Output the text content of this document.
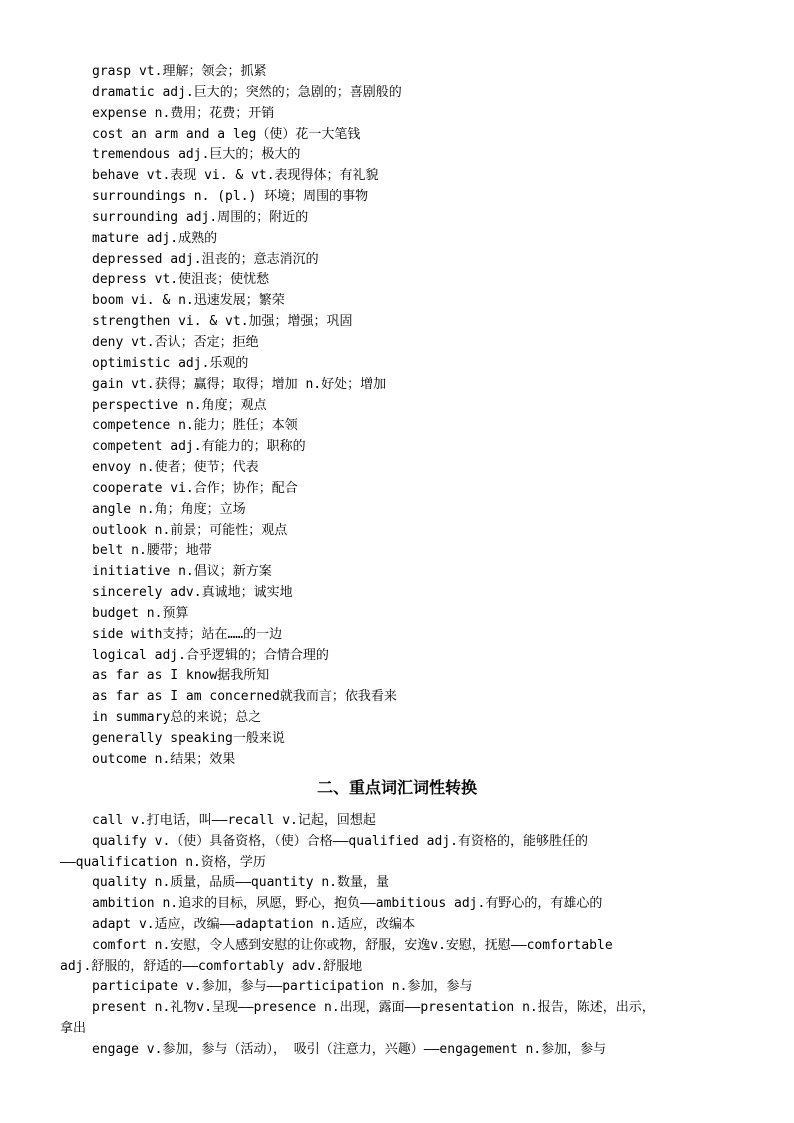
grasp vt.理解；领会；抓紧
dramatic adj.巨大的；突然的；急剧的；喜剧般的
expense n.费用；花费；开销
cost an arm and a leg（使）花一大笔钱
tremendous adj.巨大的；极大的
behave vt.表现 vi. & vt.表现得体；有礼貌
surroundings n. (pl.) 环境；周围的事物
surrounding adj.周围的；附近的
mature adj.成熟的
depressed adj.沮丧的；意志消沉的
depress vt.使沮丧；使忧愁
boom vi. & n.迅速发展；繁荣
strengthen vi. & vt.加强；增强；巩固
deny vt.否认；否定；拒绝
optimistic adj.乐观的
gain vt.获得；赢得；取得；增加 n.好处；增加
perspective n.角度；观点
competence n.能力；胜任；本领
competent adj.有能力的；职称的
envoy n.使者；使节；代表
cooperate vi.合作；协作；配合
angle n.角；角度；立场
outlook n.前景；可能性；观点
belt n.腰带；地带
initiative n.倡议；新方案
sincerely adv.真诚地；诚实地
budget n.预算
side with支持；站在……的一边
logical adj.合乎逻辑的；合情合理的
as far as I know据我所知
as far as I am concerned就我而言；依我看来
in summary总的来说；总之
generally speaking一般来说
outcome n.结果；效果
二、重点词汇词性转换
call v.打电话，叫——recall v.记起，回想起
qualify v.（使）具备资格，（使）合格——qualified adj.有资格的，能够胜任的
——qualification n.资格，学历
quality n.质量，品质——quantity n.数量，量
ambition n.追求的目标，夙愿，野心，抱负——ambitious adj.有野心的，有雄心的
adapt v.适应，改编——adaptation n.适应，改编本
comfort n.安慰，令人感到安慰的让你或物，舒服，安逸v.安慰，抚慰——comfortable
adj.舒服的，舒适的——comfortably adv.舒服地
participate v.参加，参与——participation n.参加，参与
present n.礼物v.呈现——presence n.出现，露面——presentation n.报告，陈述，出示，
拿出
engage v.参加，参与（活动）， 吸引（注意力，兴趣）——engagement n.参加，参与
